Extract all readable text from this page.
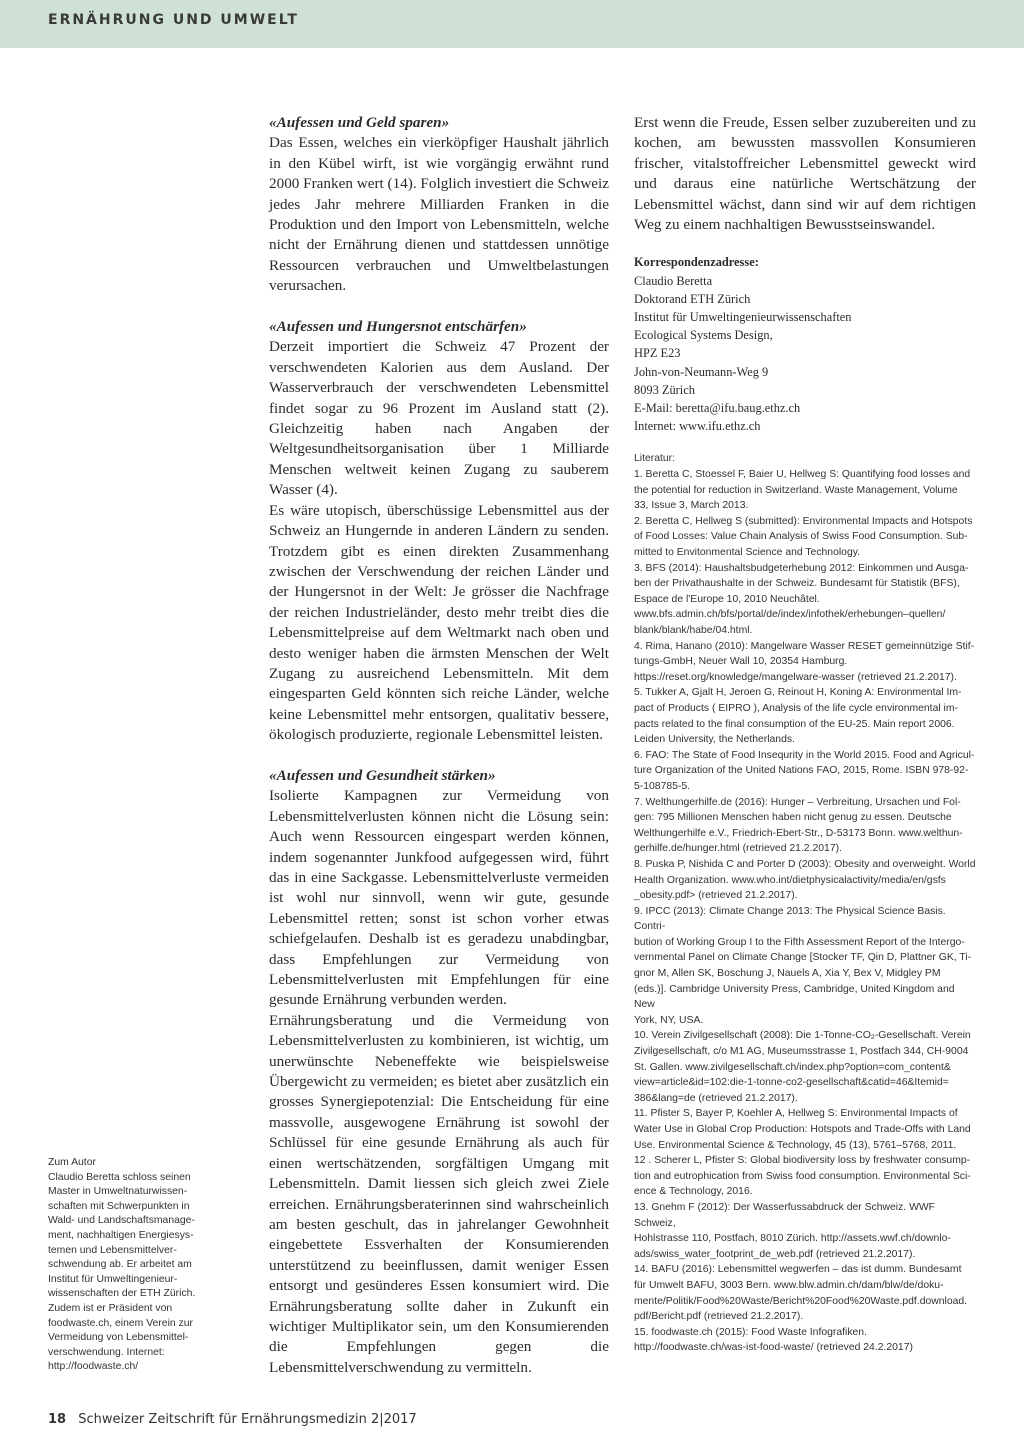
ERNÄHRUNG UND UMWELT
«Aufessen und Geld sparen»

Das Essen, welches ein vierköpfiger Haushalt jährlich in den Kübel wirft, ist wie vorgängig erwähnt rund 2000 Franken wert (14). Folglich investiert die Schweiz jedes Jahr mehrere Milliarden Franken in die Produktion und den Import von Lebensmitteln, welche nicht der Ernährung dienen und stattdessen unnötige Ressourcen verbrauchen und Umweltbelastungen verursachen.

«Aufessen und Hungersnot entschärfen»

Derzeit importiert die Schweiz 47 Prozent der verschwendeten Kalorien aus dem Ausland. Der Wasserverbrauch der verschwendeten Lebensmittel findet sogar zu 96 Prozent im Ausland statt (2). Gleichzeitig haben nach Angaben der Weltgesundheitsorganisation über 1 Milliarde Menschen weltweit keinen Zugang zu sauberem Wasser (4).

Es wäre utopisch, überschüssige Lebensmittel aus der Schweiz an Hungernde in anderen Ländern zu senden. Trotzdem gibt es einen direkten Zusammenhang zwischen der Verschwendung der reichen Länder und der Hungersnot in der Welt: Je grösser die Nachfrage der reichen Industrieländer, desto mehr treibt dies die Lebensmittelpreise auf dem Weltmarkt nach oben und desto weniger haben die ärmsten Menschen der Welt Zugang zu ausreichend Lebensmitteln. Mit dem eingesparten Geld könnten sich reiche Länder, welche keine Lebensmittel mehr entsorgen, qualitativ bessere, ökologisch produzierte, regionale Lebensmittel leisten.

«Aufessen und Gesundheit stärken»

Isolierte Kampagnen zur Vermeidung von Lebensmittelverlusten können nicht die Lösung sein: Auch wenn Ressourcen eingespart werden können, indem sogenannter Junkfood aufgegessen wird, führt das in eine Sackgasse. Lebensmittelverluste vermeiden ist wohl nur sinnvoll, wenn wir gute, gesunde Lebensmittel retten; sonst ist schon vorher etwas schiefgelaufen. Deshalb ist es geradezu unabdingbar, dass Empfehlungen zur Vermeidung von Lebensmittelverlusten mit Empfehlungen für eine gesunde Ernährung verbunden werden.

Ernährungsberatung und die Vermeidung von Lebensmittelverlusten zu kombinieren, ist wichtig, um unerwünschte Nebeneffekte wie beispielsweise Übergewicht zu vermeiden; es bietet aber zusätzlich ein grosses Synergiepotenzial: Die Entscheidung für eine massvolle, ausgewogene Ernährung ist sowohl der Schlüssel für eine gesunde Ernährung als auch für einen wertschätzenden, sorgfältigen Umgang mit Lebensmitteln. Damit liessen sich gleich zwei Ziele erreichen. Ernährungsberaterinnen sind wahrscheinlich am besten geschult, das in jahrelanger Gewohnheit eingebettete Essverhalten der Konsumierenden unterstützend zu beeinflussen, damit weniger Essen entsorgt und gesünderes Essen konsumiert wird. Die Ernährungsberatung sollte daher in Zukunft ein wichtiger Multiplikator sein, um den Konsumierenden die Empfehlungen gegen die Lebensmittelverschwendung zu vermitteln.

Erst wenn die Freude, Essen selber zuzubereiten und zu kochen, am bewussten massvollen Konsumieren frischer, vitalstoffreicher Lebensmittel geweckt wird und daraus eine natürliche Wertschätzung der Lebensmittel wächst, dann sind wir auf dem richtigen Weg zu einem nachhaltigen Bewusstseinswandel.

Korrespondenzadresse:
Claudio Beretta
Doktorand ETH Zürich
Institut für Umweltingenieurwissenschaften
Ecological Systems Design,
HPZ E23
John-von-Neumann-Weg 9
8093 Zürich
E-Mail: beretta@ifu.baug.ethz.ch
Internet: www.ifu.ethz.ch
Literatur:
1. Beretta C, Stoessel F, Baier U, Hellweg S: Quantifying food losses and
the potential for reduction in Switzerland. Waste Management, Volume
33, Issue 3, March 2013.
2. Beretta C, Hellweg S (submitted): Environmental Impacts and Hotspots
of Food Losses: Value Chain Analysis of Swiss Food Consumption. Sub-
mitted to Envitonmental Science and Technology.
3. BFS (2014): Haushaltsbudgeterhebung 2012: Einkommen und Ausga-
ben der Privathaushalte in der Schweiz. Bundesamt für Statistik (BFS),
Espace de l'Europe 10, 2010 Neuchâtel.
www.bfs.admin.ch/bfs/portal/de/index/infothek/erhebungen–quellen/
blank/blank/habe/04.html.
4. Rima, Hanano (2010): Mangelware Wasser RESET gemeinnützige Stif-
tungs-GmbH, Neuer Wall 10, 20354 Hamburg.
https://reset.org/knowledge/mangelware-wasser (retrieved 21.2.2017).
5. Tukker A, Gjalt H, Jeroen G, Reinout H, Koning A: Environmental Im-
pact of Products ( EIPRO ), Analysis of the life cycle environmental im-
pacts related to the final consumption of the EU-25. Main report 2006.
Leiden University, the Netherlands.
6. FAO: The State of Food Insequrity in the World 2015. Food and Agricul-
ture Organization of the United Nations FAO, 2015, Rome. ISBN 978-92-
5-108785-5.
7. Welthungerhilfe.de (2016): Hunger – Verbreitung, Ursachen und Fol-
gen: 795 Millionen Menschen haben nicht genug zu essen. Deutsche
Welthungerhilfe e.V., Friedrich-Ebert-Str., D-53173 Bonn. www.welthun-
gerhilfe.de/hunger.html (retrieved 21.2.2017).
8. Puska P, Nishida C and Porter D (2003): Obesity and overweight. World
Health Organization. www.who.int/dietphysicalactivity/media/en/gsfs
_obesity.pdf> (retrieved 21.2.2017).
9. IPCC (2013): Climate Change 2013: The Physical Science Basis. Contri-
bution of Working Group I to the Fifth Assessment Report of the Intergo-
vernmental Panel on Climate Change [Stocker TF, Qin D, Plattner GK, Ti-
gnor M, Allen SK, Boschung J, Nauels A, Xia Y, Bex V, Midgley PM
(eds.)]. Cambridge University Press, Cambridge, United Kingdom and New
York, NY, USA.
10. Verein Zivilgesellschaft (2008): Die 1-Tonne-CO₂-Gesellschaft. Verein
Zivilgesellschaft, c/o M1 AG, Museumsstrasse 1, Postfach 344, CH-9004
St. Gallen. www.zivilgesellschaft.ch/index.php?option=com_content&
view=article&id=102:die-1-tonne-co2-gesellschaft&catid=46&Itemid=
386&lang=de (retrieved 21.2.2017).
11. Pfister S, Bayer P, Koehler A, Hellweg S: Environmental Impacts of
Water Use in Global Crop Production: Hotspots and Trade-Offs with Land
Use. Environmental Science & Technology, 45 (13), 5761–5768, 2011.
12 . Scherer L, Pfister S: Global biodiversity loss by freshwater consump-
tion and eutrophication from Swiss food consumption. Environmental Sci-
ence & Technology, 2016.
13. Gnehm F (2012): Der Wasserfussabdruck der Schweiz. WWF Schweiz,
Hohlstrasse 110, Postfach, 8010 Zürich. http://assets.wwf.ch/downlo-
ads/swiss_water_footprint_de_web.pdf (retrieved 21.2.2017).
14. BAFU (2016): Lebensmittel wegwerfen – das ist dumm. Bundesamt
für Umwelt BAFU, 3003 Bern. www.blw.admin.ch/dam/blw/de/doku-
mente/Politik/Food%20Waste/Bericht%20Food%20Waste.pdf.download.
pdf/Bericht.pdf (retrieved 21.2.2017).
15. foodwaste.ch (2015): Food Waste Infografiken.
http://foodwaste.ch/was-ist-food-waste/ (retrieved 24.2.2017)
Zum Autor
Claudio Beretta schloss seinen
Master in Umweltnaturwissen-
schaften mit Schwerpunkten in
Wald- und Landschaftsmanage-
ment, nachhaltigen Energiesys-
temen und Lebensmittelver-
schwendung ab. Er arbeitet am
Institut für Umweltingenieur-
wissenschaften der ETH Zürich.
Zudem ist er Präsident von
foodwaste.ch, einem Verein zur
Vermeidung von Lebensmittel-
verschwendung. Internet:
http://foodwaste.ch/
18 Schweizer Zeitschrift für Ernährungsmedizin 2|2017
